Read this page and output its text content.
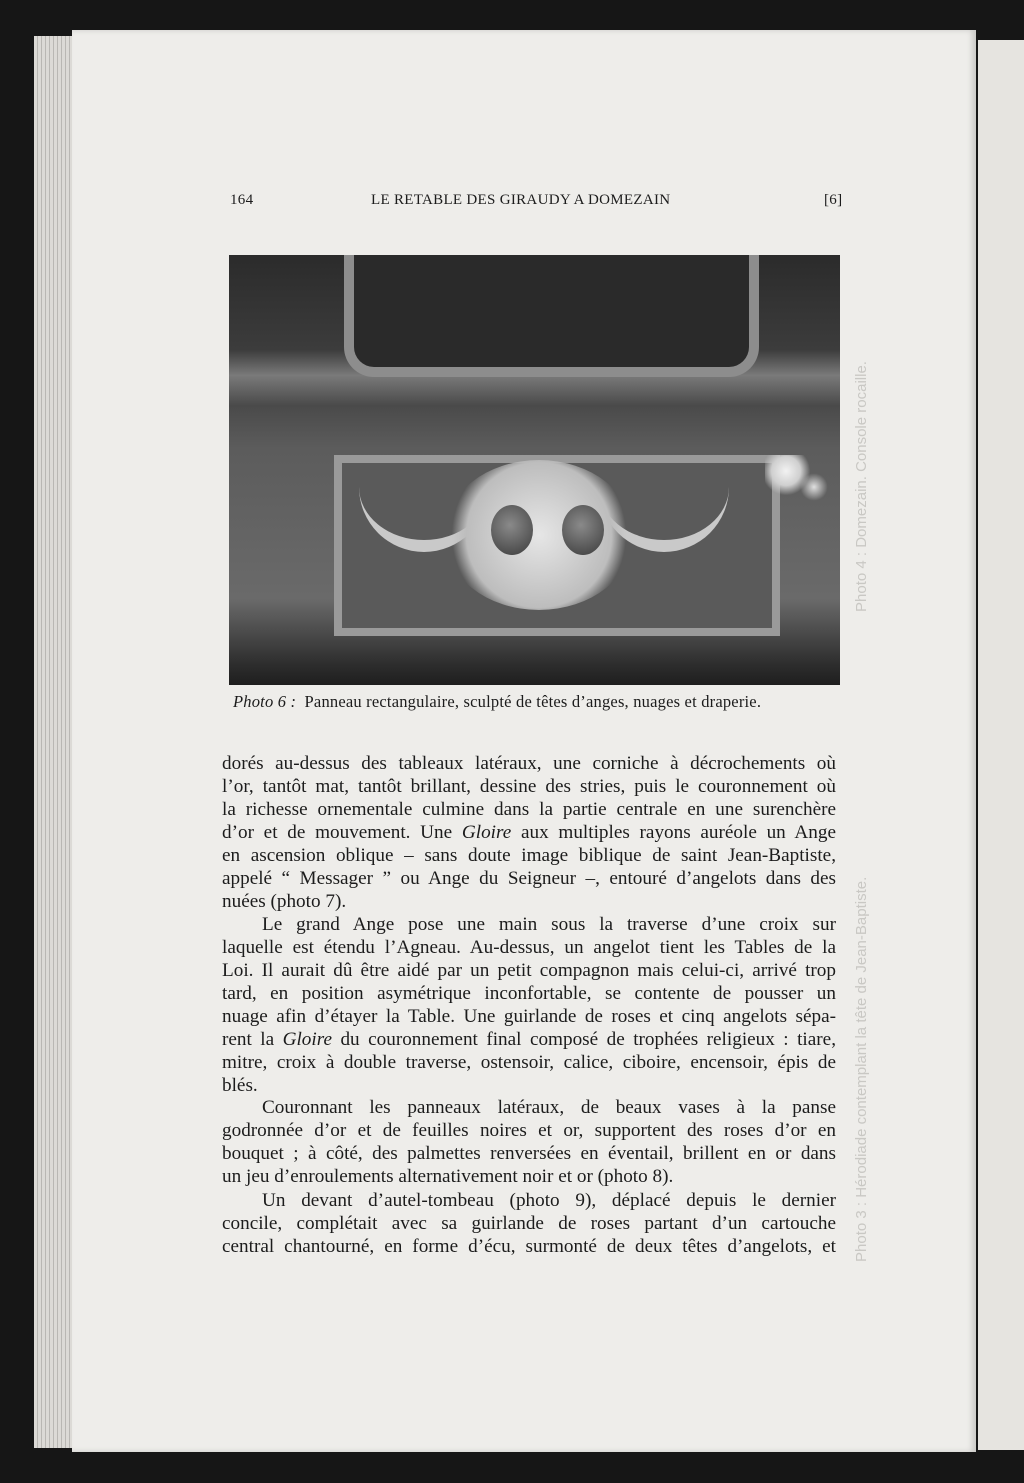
164	LE RETABLE DES GIRAUDY A DOMEZAIN	[6]
Photo 6 : Panneau rectangulaire, sculpté de têtes d’anges, nuages et draperie.
dorés au-dessus des tableaux latéraux, une corniche à décrochements où
l’or, tantôt mat, tantôt brillant, dessine des stries, puis le couronnement où
la richesse ornementale culmine dans la partie centrale en une surenchère
d’or et de mouvement. Une Gloire aux multiples rayons auréole un Ange
en ascension oblique – sans doute image biblique de saint Jean-Baptiste,
appelé “ Messager ” ou Ange du Seigneur –, entouré d’angelots dans des
nuées (photo 7).
Le grand Ange pose une main sous la traverse d’une croix sur
laquelle est étendu l’Agneau. Au-dessus, un angelot tient les Tables de la
Loi. Il aurait dû être aidé par un petit compagnon mais celui-ci, arrivé trop
tard, en position asymétrique inconfortable, se contente de pousser un
nuage afin d’étayer la Table. Une guirlande de roses et cinq angelots sépa-
rent la Gloire du couronnement final composé de trophées religieux : tiare,
mitre, croix à double traverse, ostensoir, calice, ciboire, encensoir, épis de
blés.
Couronnant les panneaux latéraux, de beaux vases à la panse
godronnée d’or et de feuilles noires et or, supportent des roses d’or en
bouquet ; à côté, des palmettes renversées en éventail, brillent en or dans
un jeu d’enroulements alternativement noir et or (photo 8).
Un devant d’autel-tombeau (photo 9), déplacé depuis le dernier
concile, complétait avec sa guirlande de roses partant d’un cartouche
central chantourné, en forme d’écu, surmonté de deux têtes d’angelots, et
Photo 4 : Domezain. Console rocaille.
Photo 3 : Hérodiade contemplant la tête de Jean-Baptiste.
